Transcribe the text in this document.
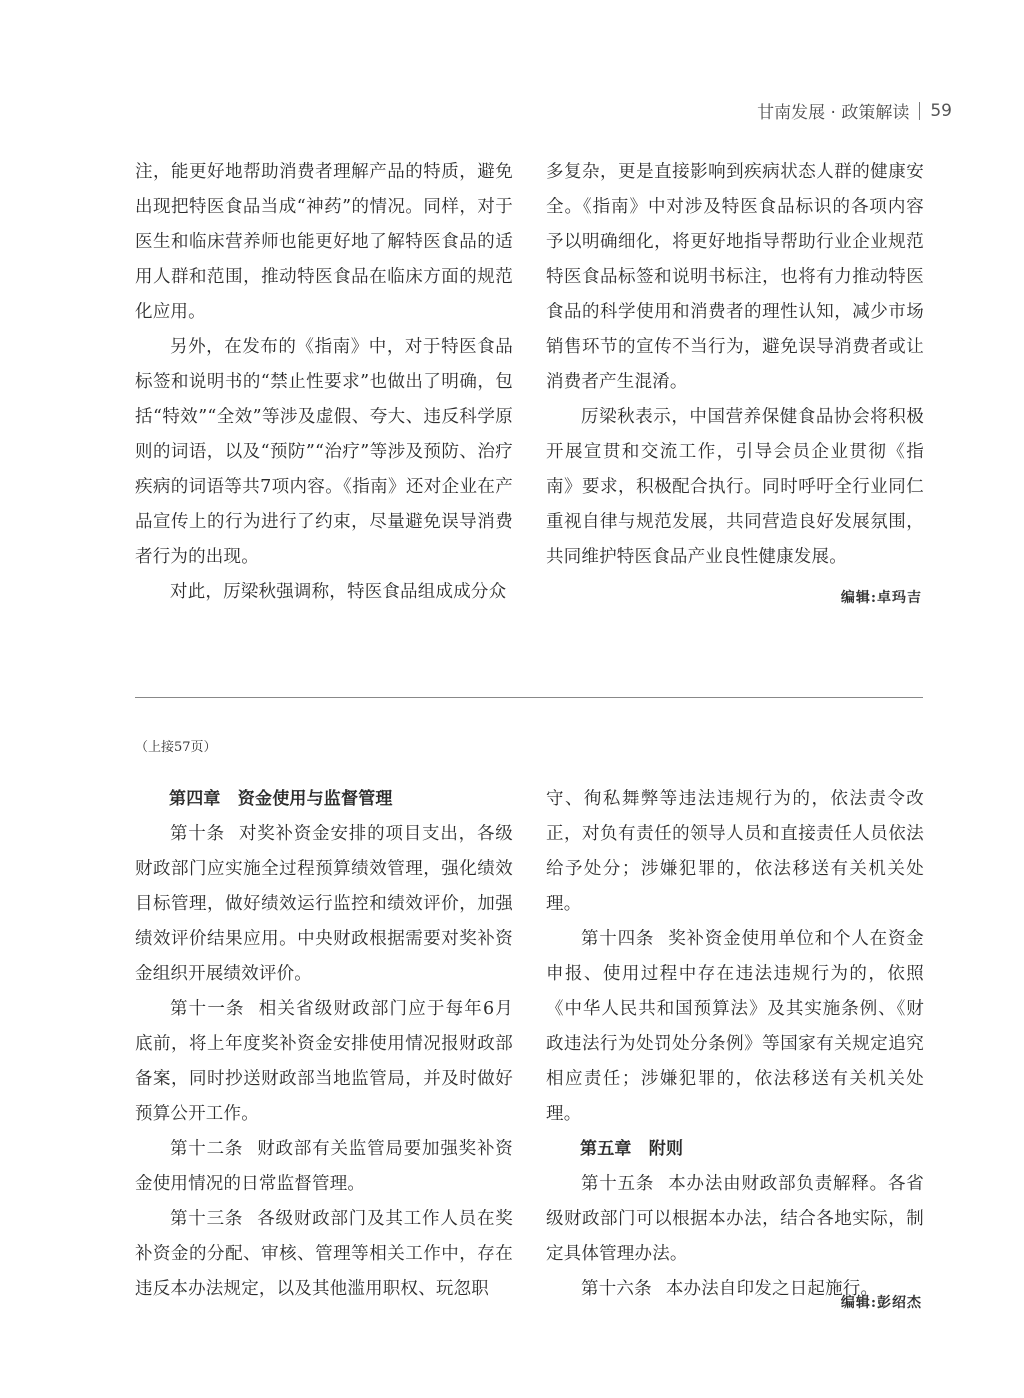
甘南发展 · 政策解读 59

注，能更好地帮助消费者理解产品的特质，避免出现把特医食品当成“神药”的情况。同样，对于医生和临床营养师也能更好地了解特医食品的适用人群和范围，推动特医食品在临床方面的规范化应用。

另外，在发布的《指南》中，对于特医食品标签和说明书的“禁止性要求”也做出了明确，包括“特效”“全效”等涉及虚假、夸大、违反科学原则的词语，以及“预防”“治疗”等涉及预防、治疗疾病的词语等共7项内容。《指南》还对企业在产品宣传上的行为进行了约束，尽量避免误导消费者行为的出现。

对此，厉梁秋强调称，特医食品组成成分众

多复杂，更是直接影响到疾病状态人群的健康安全。《指南》中对涉及特医食品标识的各项内容予以明确细化，将更好地指导帮助行业企业规范特医食品标签和说明书标注，也将有力推动特医食品的科学使用和消费者的理性认知，减少市场销售环节的宣传不当行为，避免误导消费者或让消费者产生混淆。

厉梁秋表示，中国营养保健食品协会将积极开展宣贯和交流工作，引导会员企业贯彻《指南》要求，积极配合执行。同时呼吁全行业同仁重视自律与规范发展，共同营造良好发展氛围，共同维护特医食品产业良性健康发展。

编辑:卓玛吉
（上接57页）

第四章　资金使用与监督管理

第十条 对奖补资金安排的项目支出，各级财政部门应实施全过程预算绩效管理，强化绩效目标管理，做好绩效运行监控和绩效评价，加强绩效评价结果应用。中央财政根据需要对奖补资金组织开展绩效评价。

第十一条 相关省级财政部门应于每年6月底前，将上年度奖补资金安排使用情况报财政部备案，同时抄送财政部当地监管局，并及时做好预算公开工作。

第十二条 财政部有关监管局要加强奖补资金使用情况的日常监督管理。

第十三条 各级财政部门及其工作人员在奖补资金的分配、审核、管理等相关工作中，存在违反本办法规定，以及其他滥用职权、玩忽职

守、徇私舞弊等违法违规行为的，依法责令改正，对负有责任的领导人员和直接责任人员依法给予处分；涉嫌犯罪的，依法移送有关机关处理。

第十四条 奖补资金使用单位和个人在资金申报、使用过程中存在违法违规行为的，依照《中华人民共和国预算法》及其实施条例、《财政违法行为处罚处分条例》等国家有关规定追究相应责任；涉嫌犯罪的，依法移送有关机关处理。

第五章　附则

第十五条 本办法由财政部负责解释。各省级财政部门可以根据本办法，结合各地实际，制定具体管理办法。

第十六条 本办法自印发之日起施行。

编辑:彭绍杰
